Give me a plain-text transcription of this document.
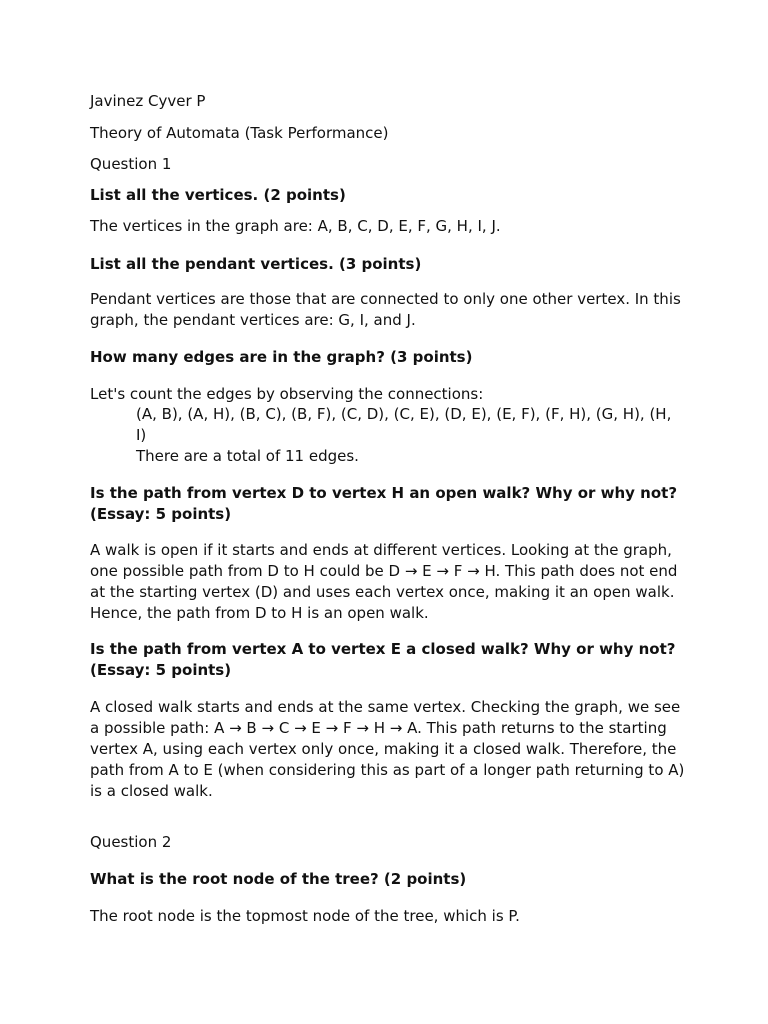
Javinez Cyver P
Theory of Automata (Task Performance)
Question 1
List all the vertices. (2 points)
The vertices in the graph are: A, B, C, D, E, F, G, H, I, J.
List all the pendant vertices. (3 points)
Pendant vertices are those that are connected to only one other vertex. In this graph, the pendant vertices are: G, I, and J.
How many edges are in the graph? (3 points)
Let's count the edges by observing the connections:
(A, B), (A, H), (B, C), (B, F), (C, D), (C, E), (D, E), (E, F), (F, H), (G, H), (H, I)
There are a total of 11 edges.
Is the path from vertex D to vertex H an open walk? Why or why not? (Essay: 5 points)
A walk is open if it starts and ends at different vertices. Looking at the graph, one possible path from D to H could be D → E → F → H. This path does not end at the starting vertex (D) and uses each vertex once, making it an open walk. Hence, the path from D to H is an open walk.
Is the path from vertex A to vertex E a closed walk? Why or why not? (Essay: 5 points)
A closed walk starts and ends at the same vertex. Checking the graph, we see a possible path: A → B → C → E → F → H → A. This path returns to the starting vertex A, using each vertex only once, making it a closed walk. Therefore, the path from A to E (when considering this as part of a longer path returning to A) is a closed walk.
Question 2
What is the root node of the tree? (2 points)
The root node is the topmost node of the tree, which is P.
